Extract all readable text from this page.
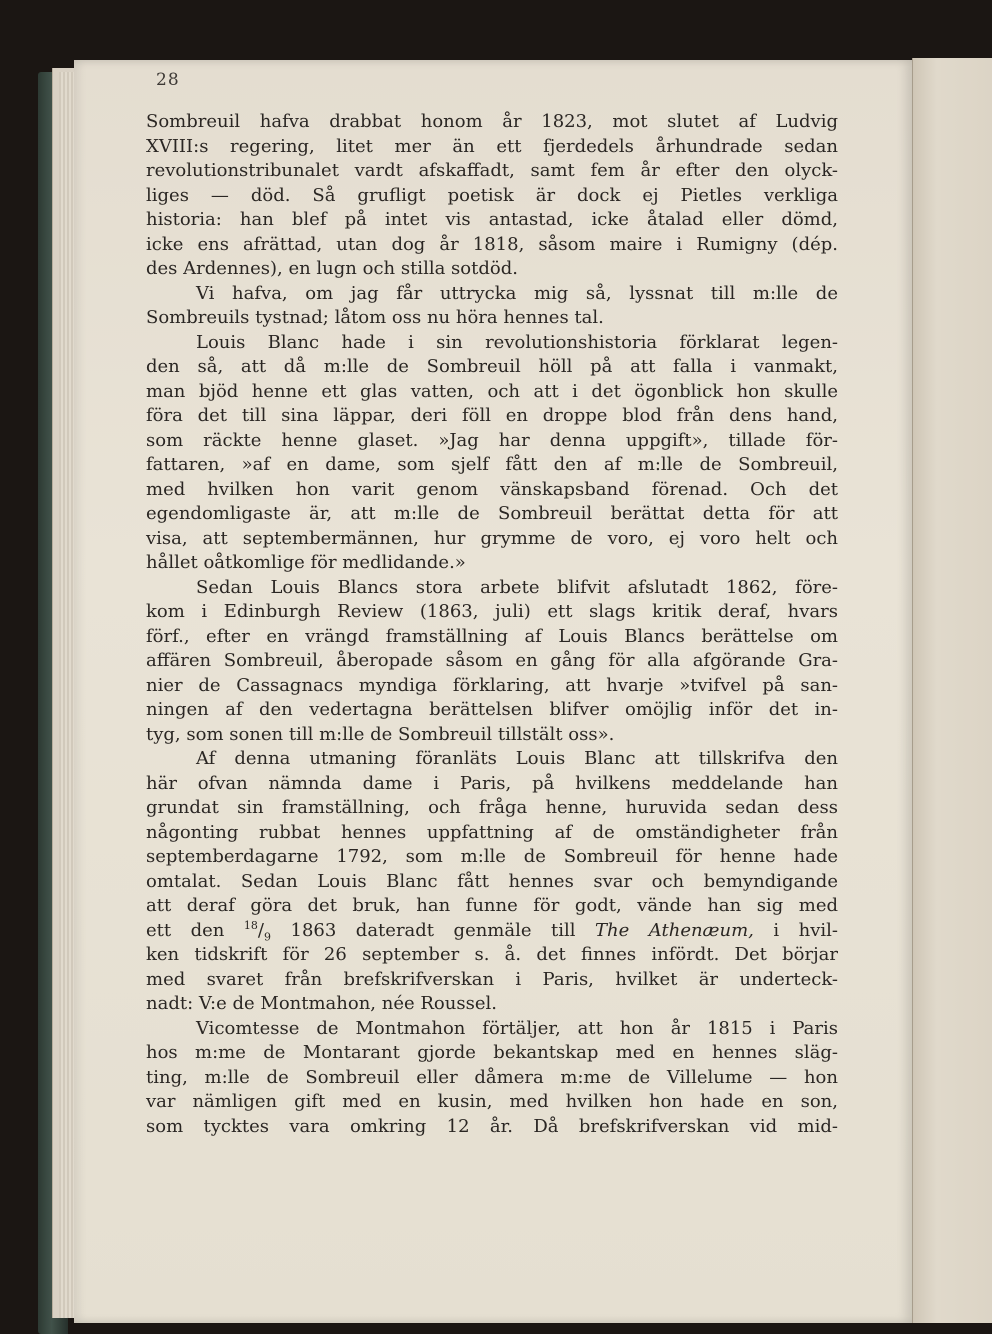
28
Sombreuil hafva drabbat honom år 1823, mot slutet af Ludvig
XVIII:s regering, litet mer än ett fjerdedels århundrade sedan
revolutionstribunalet vardt afskaffadt, samt fem år efter den olyck-
liges — död. Så grufligt poetisk är dock ej Pietles verkliga
historia: han blef på intet vis antastad, icke åtalad eller dömd,
icke ens afrättad, utan dog år 1818, såsom maire i Rumigny (dép.
des Ardennes), en lugn och stilla sotdöd.
Vi hafva, om jag får uttrycka mig så, lyssnat till m:lle de
Sombreuils tystnad; låtom oss nu höra hennes tal.
Louis Blanc hade i sin revolutionshistoria förklarat legen-
den så, att då m:lle de Sombreuil höll på att falla i vanmakt,
man bjöd henne ett glas vatten, och att i det ögonblick hon skulle
föra det till sina läppar, deri föll en droppe blod från dens hand,
som räckte henne glaset. »Jag har denna uppgift», tillade för-
fattaren, »af en dame, som sjelf fått den af m:lle de Sombreuil,
med hvilken hon varit genom vänskapsband förenad. Och det
egendomligaste är, att m:lle de Sombreuil berättat detta för att
visa, att septembermännen, hur grymme de voro, ej voro helt och
hållet oåtkomlige för medlidande.»
Sedan Louis Blancs stora arbete blifvit afslutadt 1862, före-
kom i Edinburgh Review (1863, juli) ett slags kritik deraf, hvars
förf., efter en vrängd framställning af Louis Blancs berättelse om
affären Sombreuil, åberopade såsom en gång för alla afgörande Gra-
nier de Cassagnacs myndiga förklaring, att hvarje »tvifvel på san-
ningen af den vedertagna berättelsen blifver omöjlig inför det in-
tyg, som sonen till m:lle de Sombreuil tillstält oss».
Af denna utmaning föranläts Louis Blanc att tillskrifva den
här ofvan nämnda dame i Paris, på hvilkens meddelande han
grundat sin framställning, och fråga henne, huruvida sedan dess
någonting rubbat hennes uppfattning af de omständigheter från
septemberdagarne 1792, som m:lle de Sombreuil för henne hade
omtalat. Sedan Louis Blanc fått hennes svar och bemyndigande
att deraf göra det bruk, han funne för godt, vände han sig med
ett den $^{18}/_9$ 1863 dateradt genmäle till The Athenæum, i hvil-
ken tidskrift för 26 september s. å. det finnes infördt. Det börjar
med svaret från brefskrifverskan i Paris, hvilket är underteck-
nadt: V:e de Montmahon, née Roussel.
Vicomtesse de Montmahon förtäljer, att hon år 1815 i Paris
hos m:me de Montarant gjorde bekantskap med en hennes släg-
ting, m:lle de Sombreuil eller dåmera m:me de Villelume — hon
var nämligen gift med en kusin, med hvilken hon hade en son,
som tycktes vara omkring 12 år. Då brefskrifverskan vid mid-
